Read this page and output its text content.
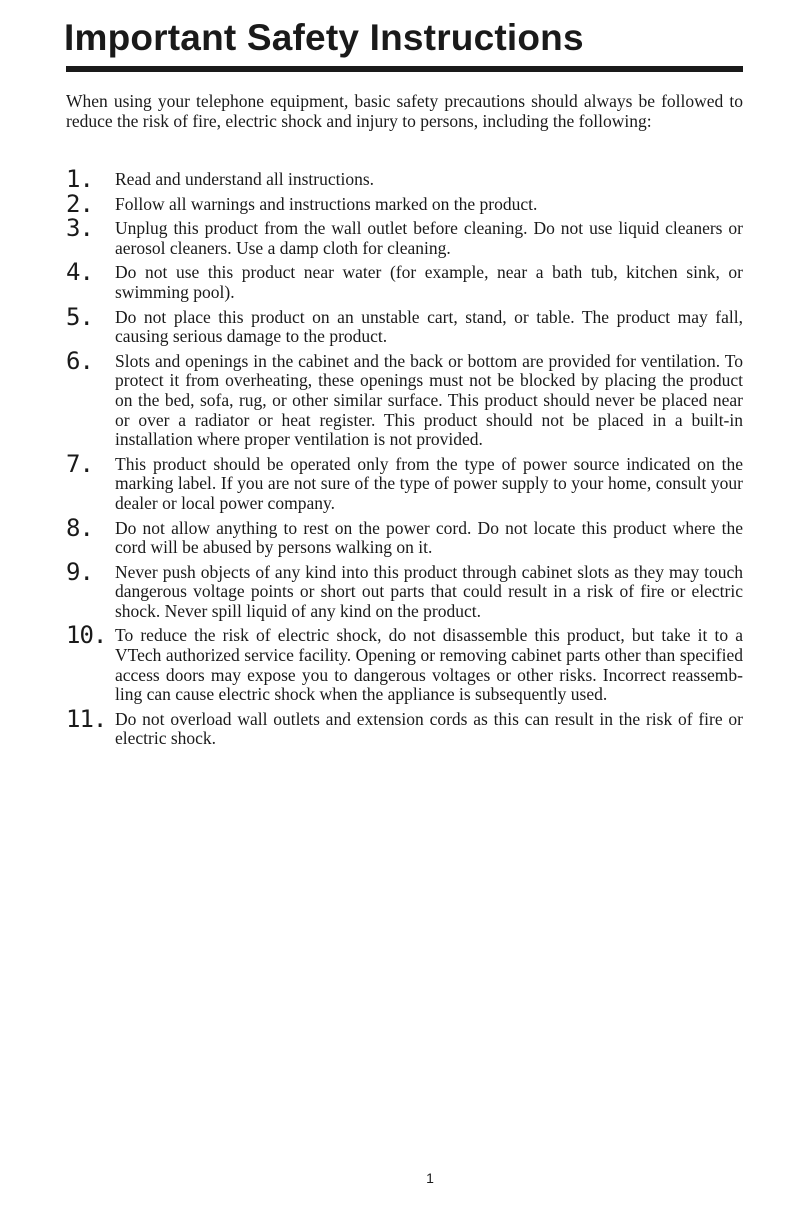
Important Safety Instructions

When using your telephone equipment, basic safety precautions should always be followed to reduce the risk of fire, electric shock and injury to persons, including the following:

1. Read and understand all instructions.
2. Follow all warnings and instructions marked on the product.
3. Unplug this product from the wall outlet before cleaning. Do not use liquid cleaners or aerosol cleaners. Use a damp cloth for cleaning.
4. Do not use this product near water (for example, near a bath tub, kitchen sink, or swimming pool).
5. Do not place this product on an unstable cart, stand, or table. The product may fall, causing serious damage to the product.
6. Slots and openings in the cabinet and the back or bottom are provided for ventilation. To protect it from overheating, these openings must not be blocked by placing the product on the bed, sofa, rug, or other similar surface. This product should never be placed near or over a radiator or heat register. This product should not be placed in a built-in installation where proper ventilation is not provided.
7. This product should be operated only from the type of power source indicated on the marking label. If you are not sure of the type of power supply to your home, consult your dealer or local power company.
8. Do not allow anything to rest on the power cord. Do not locate this product where the cord will be abused by persons walking on it.
9. Never push objects of any kind into this product through cabinet slots as they may touch dangerous voltage points or short out parts that could result in a risk of fire or electric shock. Never spill liquid of any kind on the product.
10. To reduce the risk of electric shock, do not disassemble this product, but take it to a VTech authorized service facility. Opening or removing cabinet parts other than specified access doors may expose you to dangerous voltages or other risks. Incorrect reassemb-ling can cause electric shock when the appliance is subsequently used.
11. Do not overload wall outlets and extension cords as this can result in the risk of fire or electric shock.
1
